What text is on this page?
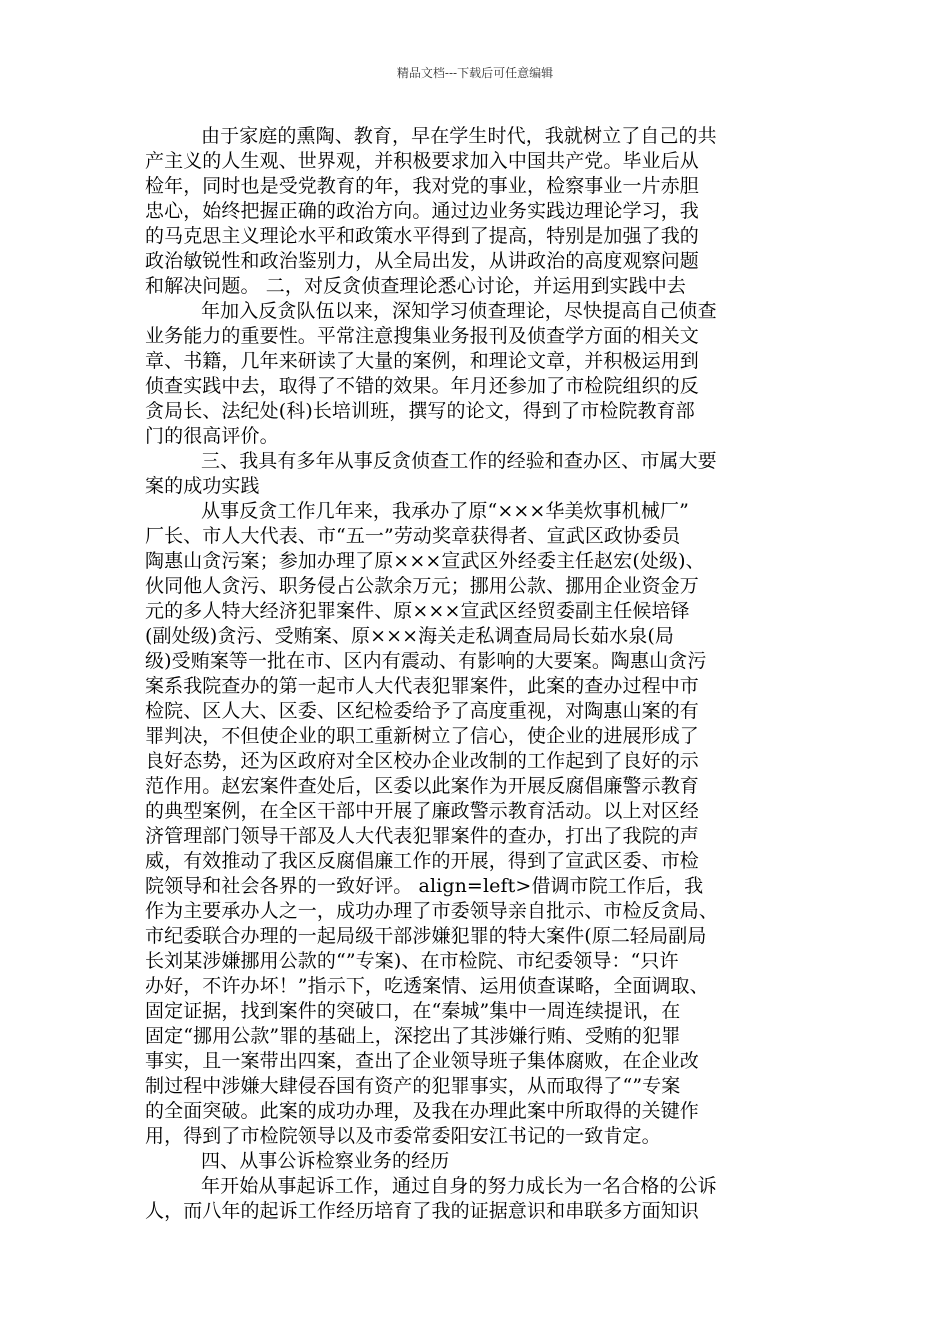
精品文档---下载后可任意编辑
由于家庭的熏陶、教育，早在学生时代，我就树立了自己的共
产主义的人生观、世界观，并积极要求加入中国共产党。毕业后从
检年，同时也是受党教育的年，我对党的事业，检察事业一片赤胆
忠心，始终把握正确的政治方向。通过边业务实践边理论学习，我
的马克思主义理论水平和政策水平得到了提高，特别是加强了我的
政治敏锐性和政治鉴别力，从全局出发，从讲政治的高度观察问题
和解决问题。 二，对反贪侦查理论悉心讨论，并运用到实践中去
年加入反贪队伍以来，深知学习侦查理论，尽快提高自己侦查
业务能力的重要性。平常注意搜集业务报刊及侦查学方面的相关文
章、书籍，几年来研读了大量的案例，和理论文章，并积极运用到
侦查实践中去，取得了不错的效果。年月还参加了市检院组织的反
贪局长、法纪处(科)长培训班，撰写的论文，得到了市检院教育部
门的很高评价。
三、我具有多年从事反贪侦查工作的经验和查办区、市属大要
案的成功实践
从事反贪工作几年来，我承办了原“×××华美炊事机械厂”
厂长、市人大代表、市“五一”劳动奖章获得者、宣武区政协委员
陶惠山贪污案；参加办理了原×××宣武区外经委主任赵宏(处级)、
伙同他人贪污、职务侵占公款余万元；挪用公款、挪用企业资金万
元的多人特大经济犯罪案件、原×××宣武区经贸委副主任候培铎
(副处级)贪污、受贿案、原×××海关走私调查局局长茹水泉(局
级)受贿案等一批在市、区内有震动、有影响的大要案。陶惠山贪污
案系我院查办的第一起市人大代表犯罪案件，此案的查办过程中市
检院、区人大、区委、区纪检委给予了高度重视，对陶惠山案的有
罪判决，不但使企业的职工重新树立了信心，使企业的进展形成了
良好态势，还为区政府对全区校办企业改制的工作起到了良好的示
范作用。赵宏案件查处后，区委以此案作为开展反腐倡廉警示教育
的典型案例，在全区干部中开展了廉政警示教育活动。以上对区经
济管理部门领导干部及人大代表犯罪案件的查办，打出了我院的声
威，有效推动了我区反腐倡廉工作的开展，得到了宣武区委、市检
院领导和社会各界的一致好评。 align=left>借调市院工作后，我
作为主要承办人之一，成功办理了市委领导亲自批示、市检反贪局、
市纪委联合办理的一起局级干部涉嫌犯罪的特大案件(原二轻局副局
长刘某涉嫌挪用公款的“”专案)、在市检院、市纪委领导：“只许
办好，不许办坏！”指示下，吃透案情、运用侦查谋略，全面调取、
固定证据，找到案件的突破口，在“秦城”集中一周连续提讯，在
固定“挪用公款”罪的基础上，深挖出了其涉嫌行贿、受贿的犯罪
事实，且一案带出四案，查出了企业领导班子集体腐败，在企业改
制过程中涉嫌大肆侵吞国有资产的犯罪事实，从而取得了“”专案
的全面突破。此案的成功办理，及我在办理此案中所取得的关键作
用，得到了市检院领导以及市委常委阳安江书记的一致肯定。
四、从事公诉检察业务的经历
年开始从事起诉工作，通过自身的努力成长为一名合格的公诉
人，而八年的起诉工作经历培育了我的证据意识和串联多方面知识
